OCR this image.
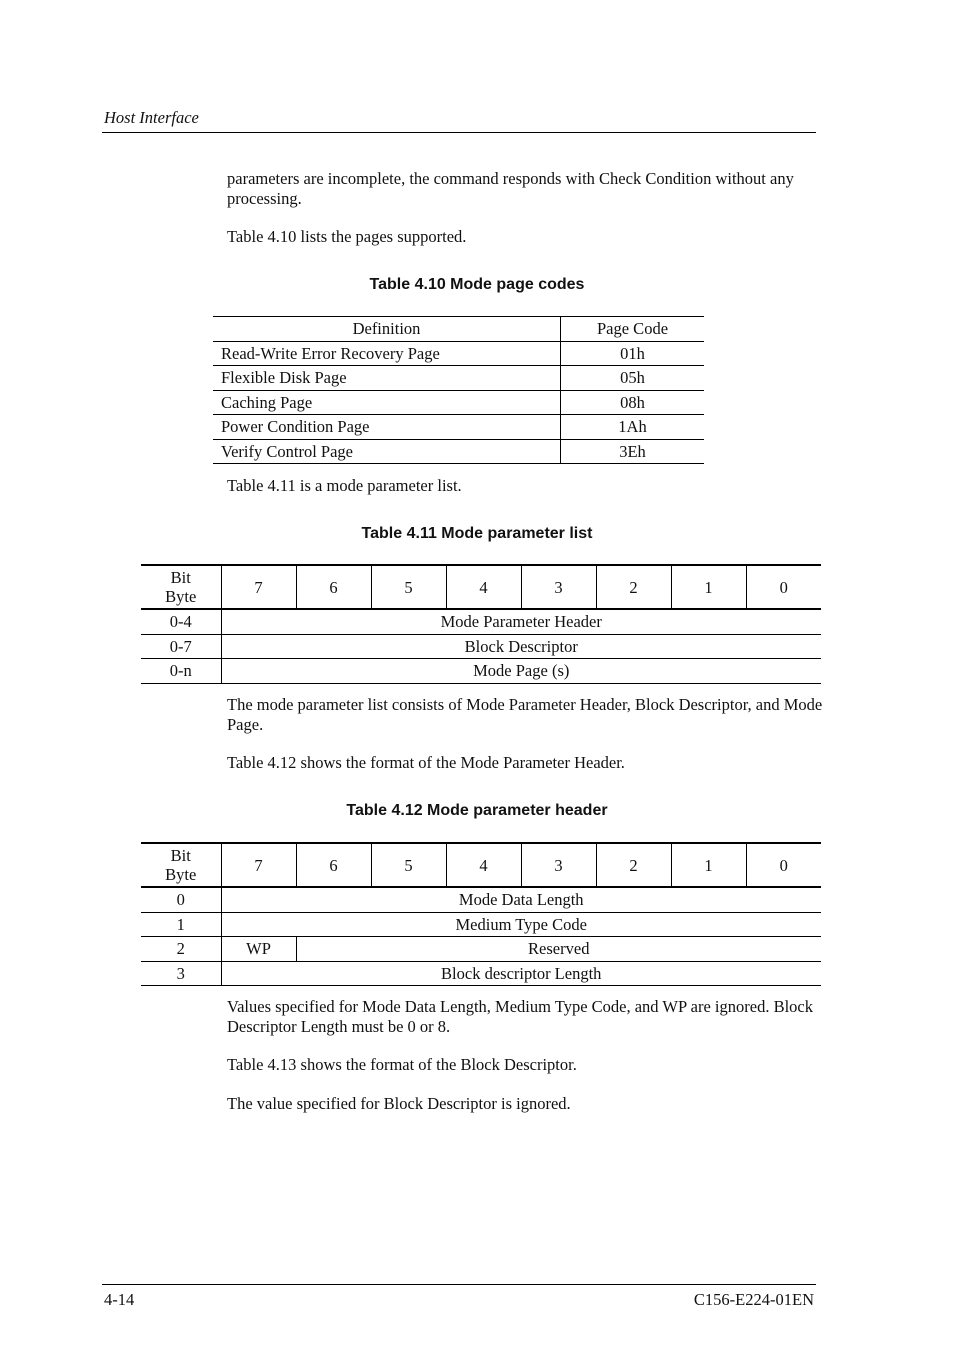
Host Interface

parameters are incomplete, the command responds with Check Condition without any processing.

Table 4.10 lists the pages supported.

Table 4.10 Mode page codes
Definition	Page Code
Read-Write Error Recovery Page	01h
Flexible Disk Page	05h
Caching Page	08h
Power Condition Page	1Ah
Verify Control Page	3Eh

Table 4.11 is a mode parameter list.

Table 4.11 Mode parameter list
Bit
Byte	7	6	5	4	3	2	1	0
0-4	Mode Parameter Header							
0-7	Block Descriptor							
0-n	Mode Page (s)							

The mode parameter list consists of Mode Parameter Header, Block Descriptor, and Mode Page.

Table 4.12 shows the format of the Mode Parameter Header.

Table 4.12 Mode parameter header
Bit
Byte	7	6	5	4	3	2	1	0
0	Mode Data Length							
1	Medium Type Code							
2	WP	Reserved						
3	Block descriptor Length							

Values specified for Mode Data Length, Medium Type Code, and WP are ignored. Block Descriptor Length must be 0 or 8.

Table 4.13 shows the format of the Block Descriptor.

The value specified for Block Descriptor is ignored.

4-14	C156-E224-01EN
